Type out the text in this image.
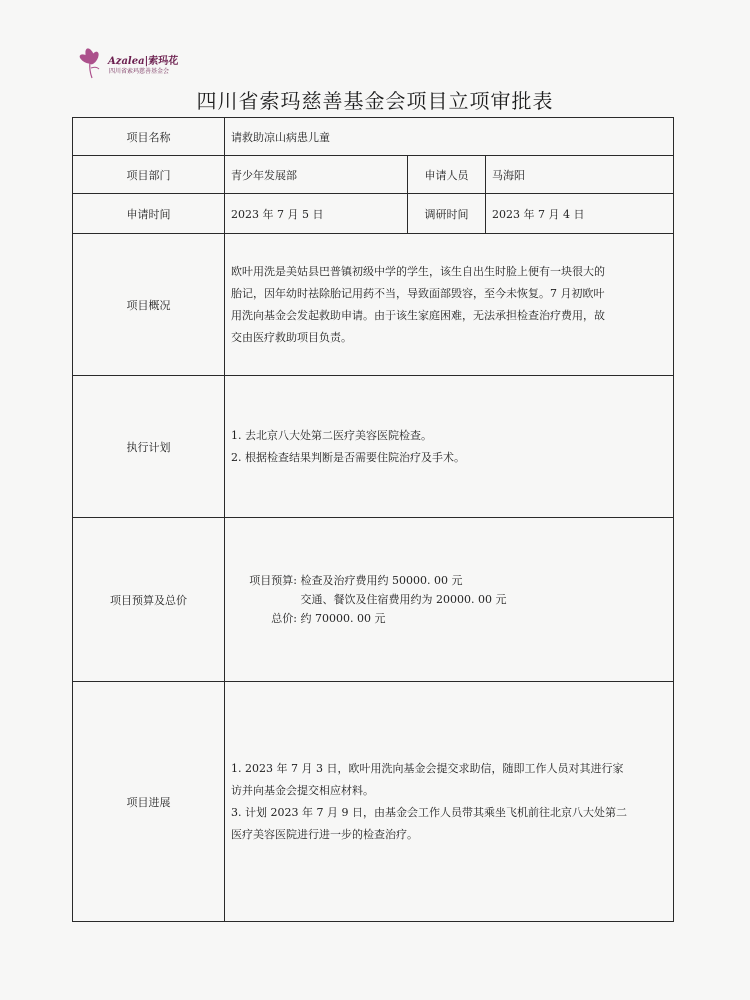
Azalea|索玛花
四川省索玛慈善基金会
四川省索玛慈善基金会项目立项审批表
项目名称	请救助凉山病患儿童		
项目部门	青少年发展部	申请人员	马海阳
申请时间	2023 年 7 月 5 日	调研时间	2023 年 7 月 4 日
项目概况	欧叶用洗是美姑县巴普镇初级中学的学生，该生自出生时脸上便有一块很大的
胎记，因年幼时祛除胎记用药不当，导致面部毁容，至今未恢复。7 月初欧叶
用洗向基金会发起救助申请。由于该生家庭困难，无法承担检查治疗费用，故
交由医疗救助项目负责。		

执行计划	1. 去北京八大处第二医疗美容医院检查。
2. 根据检查结果判断是否需要住院治疗及手术。		

项目预算及总价	项目预算: 检查及治疗费用约 50000. 00 元
交通、餐饮及住宿费用约为 20000. 00 元
总价: 约 70000. 00 元		

项目进展	1. 2023 年 7 月 3 日，欧叶用洗向基金会提交求助信，随即工作人员对其进行家
访并向基金会提交相应材料。
3. 计划 2023 年 7 月 9 日，由基金会工作人员带其乘坐飞机前往北京八大处第二
医疗美容医院进行进一步的检查治疗。		
